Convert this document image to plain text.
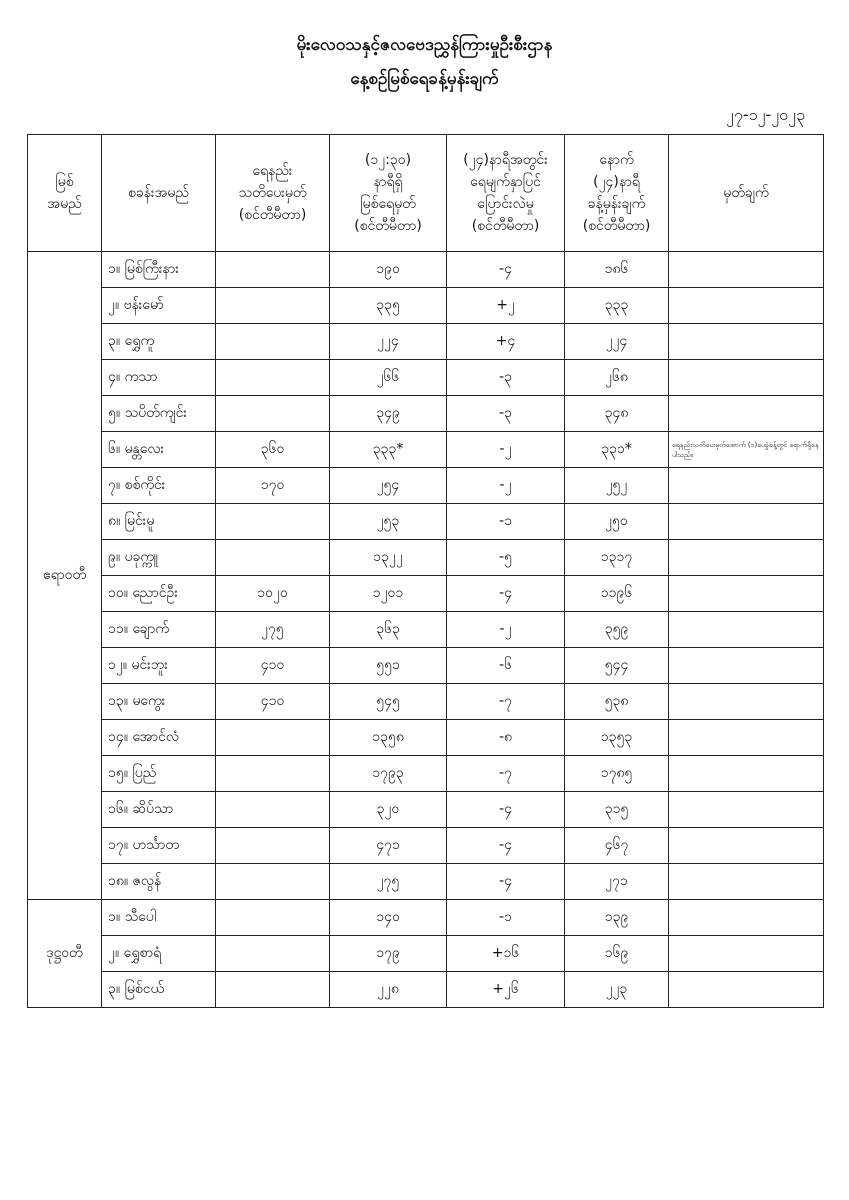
မိုးလေဝသနှင့်ဇလဗေဒညွှန်ကြားမှုဦးစီးဌာန
နေ့စဉ်မြစ်ရေခန့်မှန်းချက်
၂၇-၁၂-၂၀၂၃
မြစ်
အမည်	စခန်းအမည်	ရေနည်း
သတိပေးမှတ်
(စင်တီမီတာ)	(၁၂:၃၀)
နာရီရှိ
မြစ်ရေမှတ်
(စင်တီမီတာ)	(၂၄)နာရီအတွင်း
ရေမျက်နှာပြင်
ပြောင်းလဲမှု
(စင်တီမီတာ)	နောက်
(၂၄)နာရီ
ခန့်မှန်းချက်
(စင်တီမီတာ)	မှတ်ချက်

ဧရာဝတီ	၁။ မြစ်ကြီးနား		၁၉၀	-၄	၁၈၆	
	၂။ ဗန်းမော်		၃၃၅	+၂	၃၃၃	
	၃။ ရွှေကူ		၂၂၄	+၄	၂၂၄	
	၄။ ကသာ		၂၆၆	-၃	၂၆၈	
	၅။ သပိတ်ကျင်း		၃၄၉	-၃	၃၄၈	
	၆။ မန္တလေး	၃၆၀	၃၃၃*	-၂	၃၃၁*	ရေနည်းသတိပေးမှတ်အောက် (၁)ပေခွဲခန့်တွင် ရောက်ရှိနေပါသည်။
	၇။ စစ်ကိုင်း	၁၇၀	၂၅၄	-၂	၂၅၂	
	၈။ မြင်းမူ		၂၅၃	-၁	၂၅၀	
	၉။ ပခုက္ကူ		၁၃၂၂	-၅	၁၃၁၇	
	၁၀။ ညောင်ဦး	၁၀၂၀	၁၂၀၁	-၄	၁၁၉၆	
	၁၁။ ချောက်	၂၇၅	၃၆၃	-၂	၃၅၉	
	၁၂။ မင်းဘူး	၄၁၀	၅၅၁	-၆	၅၄၄	
	၁၃။ မကွေး	၄၁၀	၅၄၅	-၇	၅၃၈	
	၁၄။ အောင်လံ		၁၃၅၈	-၈	၁၃၅၃	
	၁၅။ ပြည်		၁၇၉၃	-၇	၁၇၈၅	
	၁၆။ ဆိပ်သာ		၃၂၀	-၄	၃၁၅	
	၁၇။ ဟင်္သာတ		၄၇၁	-၄	၄၆၇	
	၁၈။ ဇလွန်		၂၇၅	-၄	၂၇၁	
ဒုဋ္ဌဝတီ	၁။ သီပေါ		၁၄၀	-၁	၁၃၉	
	၂။ ရွှေစာရံ		၁၇၉	+၁၆	၁၆၉	
	၃။ မြစ်ငယ်		၂၂၈	+၂၆	၂၂၃	
